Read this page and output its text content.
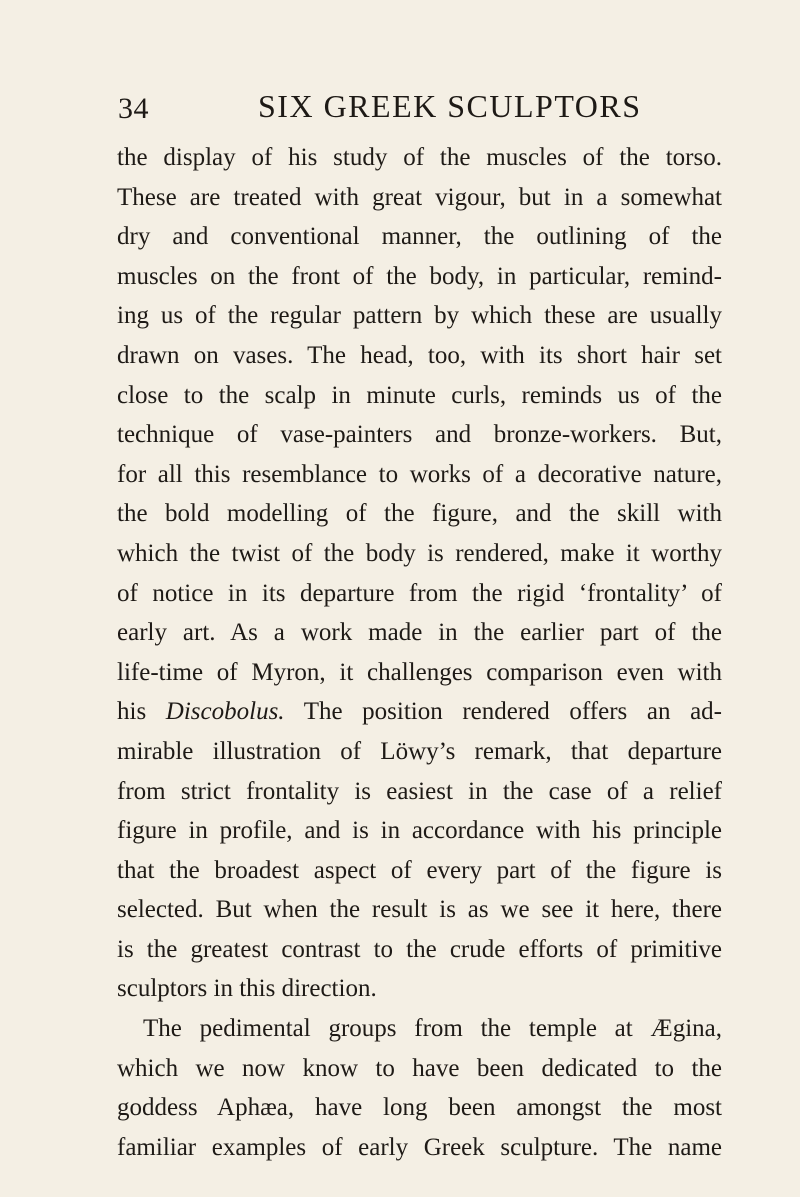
34	SIX GREEK SCULPTORS
the display of his study of the muscles of the torso.
These are treated with great vigour, but in a somewhat
dry and conventional manner, the outlining of the
muscles on the front of the body, in particular, remind-
ing us of the regular pattern by which these are usually
drawn on vases. The head, too, with its short hair set
close to the scalp in minute curls, reminds us of the
technique of vase-painters and bronze-workers. But,
for all this resemblance to works of a decorative nature,
the bold modelling of the figure, and the skill with
which the twist of the body is rendered, make it worthy
of notice in its departure from the rigid ‘frontality’ of
early art. As a work made in the earlier part of the
life-time of Myron, it challenges comparison even with
his Discobolus. The position rendered offers an ad-
mirable illustration of Löwy’s remark, that departure
from strict frontality is easiest in the case of a relief
figure in profile, and is in accordance with his principle
that the broadest aspect of every part of the figure is
selected. But when the result is as we see it here, there
is the greatest contrast to the crude efforts of primitive
sculptors in this direction.
The pedimental groups from the temple at Ægina,
which we now know to have been dedicated to the
goddess Aphæa, have long been amongst the most
familiar examples of early Greek sculpture. The name
